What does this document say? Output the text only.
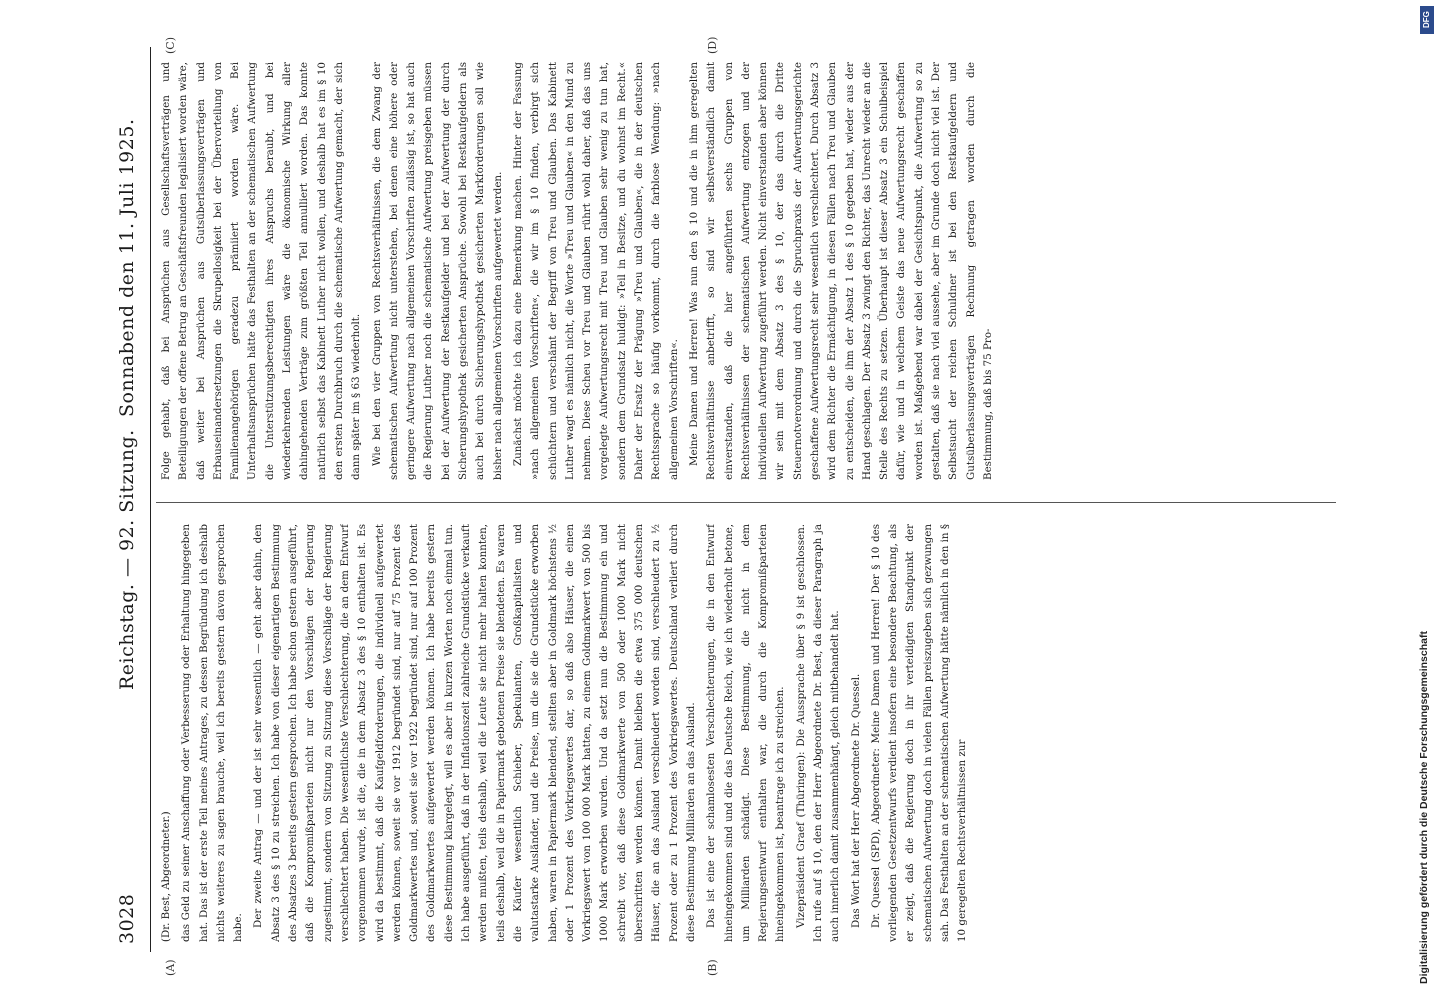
3028
Reichstag. — 92. Sitzung.
Sonnabend den 11. Juli 1925.
(A)	(B)
(C)	(D)

(Dr. Best, Abgeordneter.) das Geld zu seiner Anschaffung oder Verbesserung oder Erhaltung hingegeben hat. Das ist der erste Teil meines Antrages, zu dessen Begründung ich deshalb nichts weiteres zu sagen brauche, weil ich bereits gestern davon gesprochen habe. Der zweite Antrag — und der ist sehr wesentlich — geht aber dahin, den Absatz 3 des § 10 zu streichen. Ich habe von dieser eigenartigen Bestimmung des Absatzes 3 bereits gestern gesprochen. Ich habe schon gestern ausgeführt, daß die Kompromißparteien nicht nur den Vorschlägen der Regierung zugestimmt, sondern von Sitzung zu Sitzung diese Vorschläge der Regierung verschlechtert haben. Die wesentlichste Verschlechterung, die an dem Entwurf vorgenommen wurde, ist die, die in dem Absatz 3 des § 10 enthalten ist. Es wird da bestimmt, daß die Kaufgeldforderungen, die individuell aufgewertet werden können, soweit sie vor 1912 begründet sind, nur auf 75 Prozent des Goldmarkwertes und, soweit sie vor 1922 begründet sind, nur auf 100 Prozent des Goldmarkwertes aufgewertet werden können. Ich habe bereits gestern diese Bestimmung klargelegt, will es aber in kurzen Worten noch einmal tun. Ich habe ausgeführt, daß in der Inflationszeit zahlreiche Grundstücke verkauft werden mußten, teils deshalb, weil die Leute sie nicht mehr halten konnten, teils deshalb, weil die in Papiermark gebotenen Preise sie blendeten. Es waren die Käufer wesentlich Schieber, Spekulanten, Großkapitalisten und valutastarke Ausländer, und die Preise, um die sie die Grundstücke erworben haben, waren in Papiermark blendend, stellten aber in Goldmark höchstens ½ oder 1 Prozent des Vorkriegswertes dar, so daß also Häuser, die einen Vorkriegswert von 100 000 Mark hatten, zu einem Goldmarkwert von 500 bis 1000 Mark erworben wurden. Und da setzt nun die Bestimmung ein und schreibt vor, daß diese Goldmarkwerte von 500 oder 1000 Mark nicht überschritten werden können. Damit bleiben die etwa 375 000 deutschen Häuser, die an das Ausland verschleudert worden sind, verschleudert zu ½ Prozent oder zu 1 Prozent des Vorkriegswertes. Deutschland verliert durch diese Bestimmung Milliarden an das Ausland. Das ist eine der schamlosesten Verschlechterungen, die in den Entwurf hineingekommen sind und die das Deutsche Reich, wie ich wiederholt betone, um Milliarden schädigt. Diese Bestimmung, die nicht in dem Regierungsentwurf enthalten war, die durch die Kompromißparteien hineingekommen ist, beantrage ich zu streichen. Vizepräsident Graef (Thüringen): Die Aussprache über § 9 ist geschlossen. Ich rufe auf § 10, den der Herr Abgeordnete Dr. Best, da dieser Paragraph ja auch innerlich damit zusammenhängt, gleich mitbehandelt hat. Das Wort hat der Herr Abgeordnete Dr. Quessel. Dr. Quessel (SPD), Abgeordneter: Meine Damen und Herren! Der § 10 des vorliegenden Gesetzentwurfs verdient insofern eine besondere Beachtung, als er zeigt, daß die Regierung doch in ihr verteidigten Standpunkt der schematischen Aufwertung doch in vielen Fällen preiszugeben sich gezwungen sah. Das Festhalten an der schematischen Aufwertung hätte nämlich in den in § 10 geregelten Rechtsverhältnissen zur

Folge gehabt, daß bei Ansprüchen aus Gesellschaftsverträgen und Beteiligungen der offene Betrug an Geschäftsfreunden legalisiert worden wäre, daß weiter bei Ansprüchen aus Gutsüberlassungsverträgen und Erbauseinandersetzungen die Skrupellosigkeit bei der Übervorteilung von Familienangehörigen geradezu prämiiert worden wäre. Bei Unterhaltsansprüchen hätte das Festhalten an der schematischen Aufwertung die Unterstützungsberechtigten ihres Anspruchs beraubt, und bei wiederkehrenden Leistungen wäre die ökonomische Wirkung aller dahingehenden Verträge zum größten Teil annulliert worden. Das konnte natürlich selbst das Kabinett Luther nicht wollen, und deshalb hat es im § 10 den ersten Durchbruch durch die schematische Aufwertung gemacht, der sich dann später im § 63 wiederholt. Wie bei den vier Gruppen von Rechtsverhältnissen, die dem Zwang der schematischen Aufwertung nicht unterstehen, bei denen eine höhere oder geringere Aufwertung nach allgemeinen Vorschriften zulässig ist, so hat auch die Regierung Luther noch die schematische Aufwertung preisgeben müssen bei der Aufwertung der Restkaufgelder und bei der Aufwertung der durch Sicherungshypothek gesicherten Ansprüche. Sowohl bei Restkaufgeldern als auch bei durch Sicherungshypothek gesicherten Markforderungen soll wie bisher nach allgemeinen Vorschriften aufgewertet werden. Zunächst möchte ich dazu eine Bemerkung machen. Hinter der Fassung »nach allgemeinen Vorschriften«, die wir im § 10 finden, verbirgt sich schüchtern und verschämt der Begriff von Treu und Glauben. Das Kabinett Luther wagt es nämlich nicht, die Worte »Treu und Glauben« in den Mund zu nehmen. Diese Scheu vor Treu und Glauben rührt wohl daher, daß das uns vorgelegte Aufwertungsrecht mit Treu und Glauben sehr wenig zu tun hat, sondern dem Grundsatz huldigt: »Teil in Besitze, und du wohnst im Recht.« Daher der Ersatz der Prägung »Treu und Glauben«, die in der deutschen Rechtssprache so häufig vorkommt, durch die farblose Wendung: »nach allgemeinen Vorschriften«. Meine Damen und Herren! Was nun den § 10 und die in ihm geregelten Rechtsverhältnisse anbetrifft, so sind wir selbstverständlich damit einverstanden, daß die hier angeführten sechs Gruppen von Rechtsverhältnissen der schematischen Aufwertung entzogen und der individuellen Aufwertung zugeführt werden. Nicht einverstanden aber können wir sein mit dem Absatz 3 des § 10, der das durch die Dritte Steuernotverordnung und durch die Spruchpraxis der Aufwertungsgerichte geschaffene Aufwertungsrecht sehr wesentlich verschlechtert. Durch Absatz 3 wird dem Richter die Ermächtigung, in diesen Fällen nach Treu und Glauben zu entscheiden, die ihm der Absatz 1 des § 10 gegeben hat, wieder aus der Hand geschlagen. Der Absatz 3 zwingt den Richter, das Unrecht wieder an die Stelle des Rechts zu setzen. Überhaupt ist dieser Absatz 3 ein Schulbeispiel dafür, wie und in welchem Geiste das neue Aufwertungsrecht geschaffen worden ist. Maßgebend war dabei der Gesichtspunkt, die Aufwertung so zu gestalten, daß sie nach viel aussehe, aber im Grunde doch nicht viel ist. Der Selbstsucht der reichen Schuldner ist bei den Restkaufgeldern und Gutsüberlassungsverträgen Rechnung getragen worden durch die Bestimmung, daß bis 75 Pro-

Digitalisierung gefördert durch die Deutsche Forschungsgemeinschaft
DFG
